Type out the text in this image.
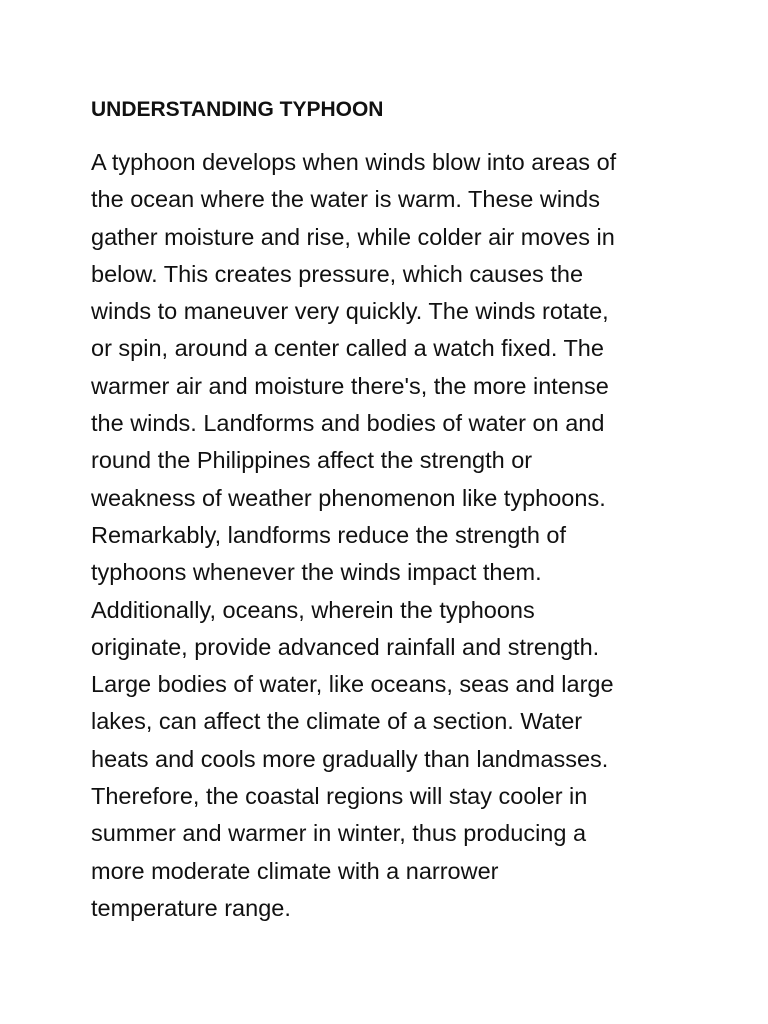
UNDERSTANDING TYPHOON

A typhoon develops when winds blow into areas of
the ocean where the water is warm. These winds
gather moisture and rise, while colder air moves in
below. This creates pressure, which causes the
winds to maneuver very quickly. The winds rotate,
or spin, around a center called a watch fixed. The
warmer air and moisture there's, the more intense
the winds. Landforms and bodies of water on and
round the Philippines affect the strength or
weakness of weather phenomenon like typhoons.
Remarkably, landforms reduce the strength of
typhoons whenever the winds impact them.
Additionally, oceans, wherein the typhoons
originate, provide advanced rainfall and strength.
Large bodies of water, like oceans, seas and large
lakes, can affect the climate of a section. Water
heats and cools more gradually than landmasses.
Therefore, the coastal regions will stay cooler in
summer and warmer in winter, thus producing a
more moderate climate with a narrower
temperature range.
